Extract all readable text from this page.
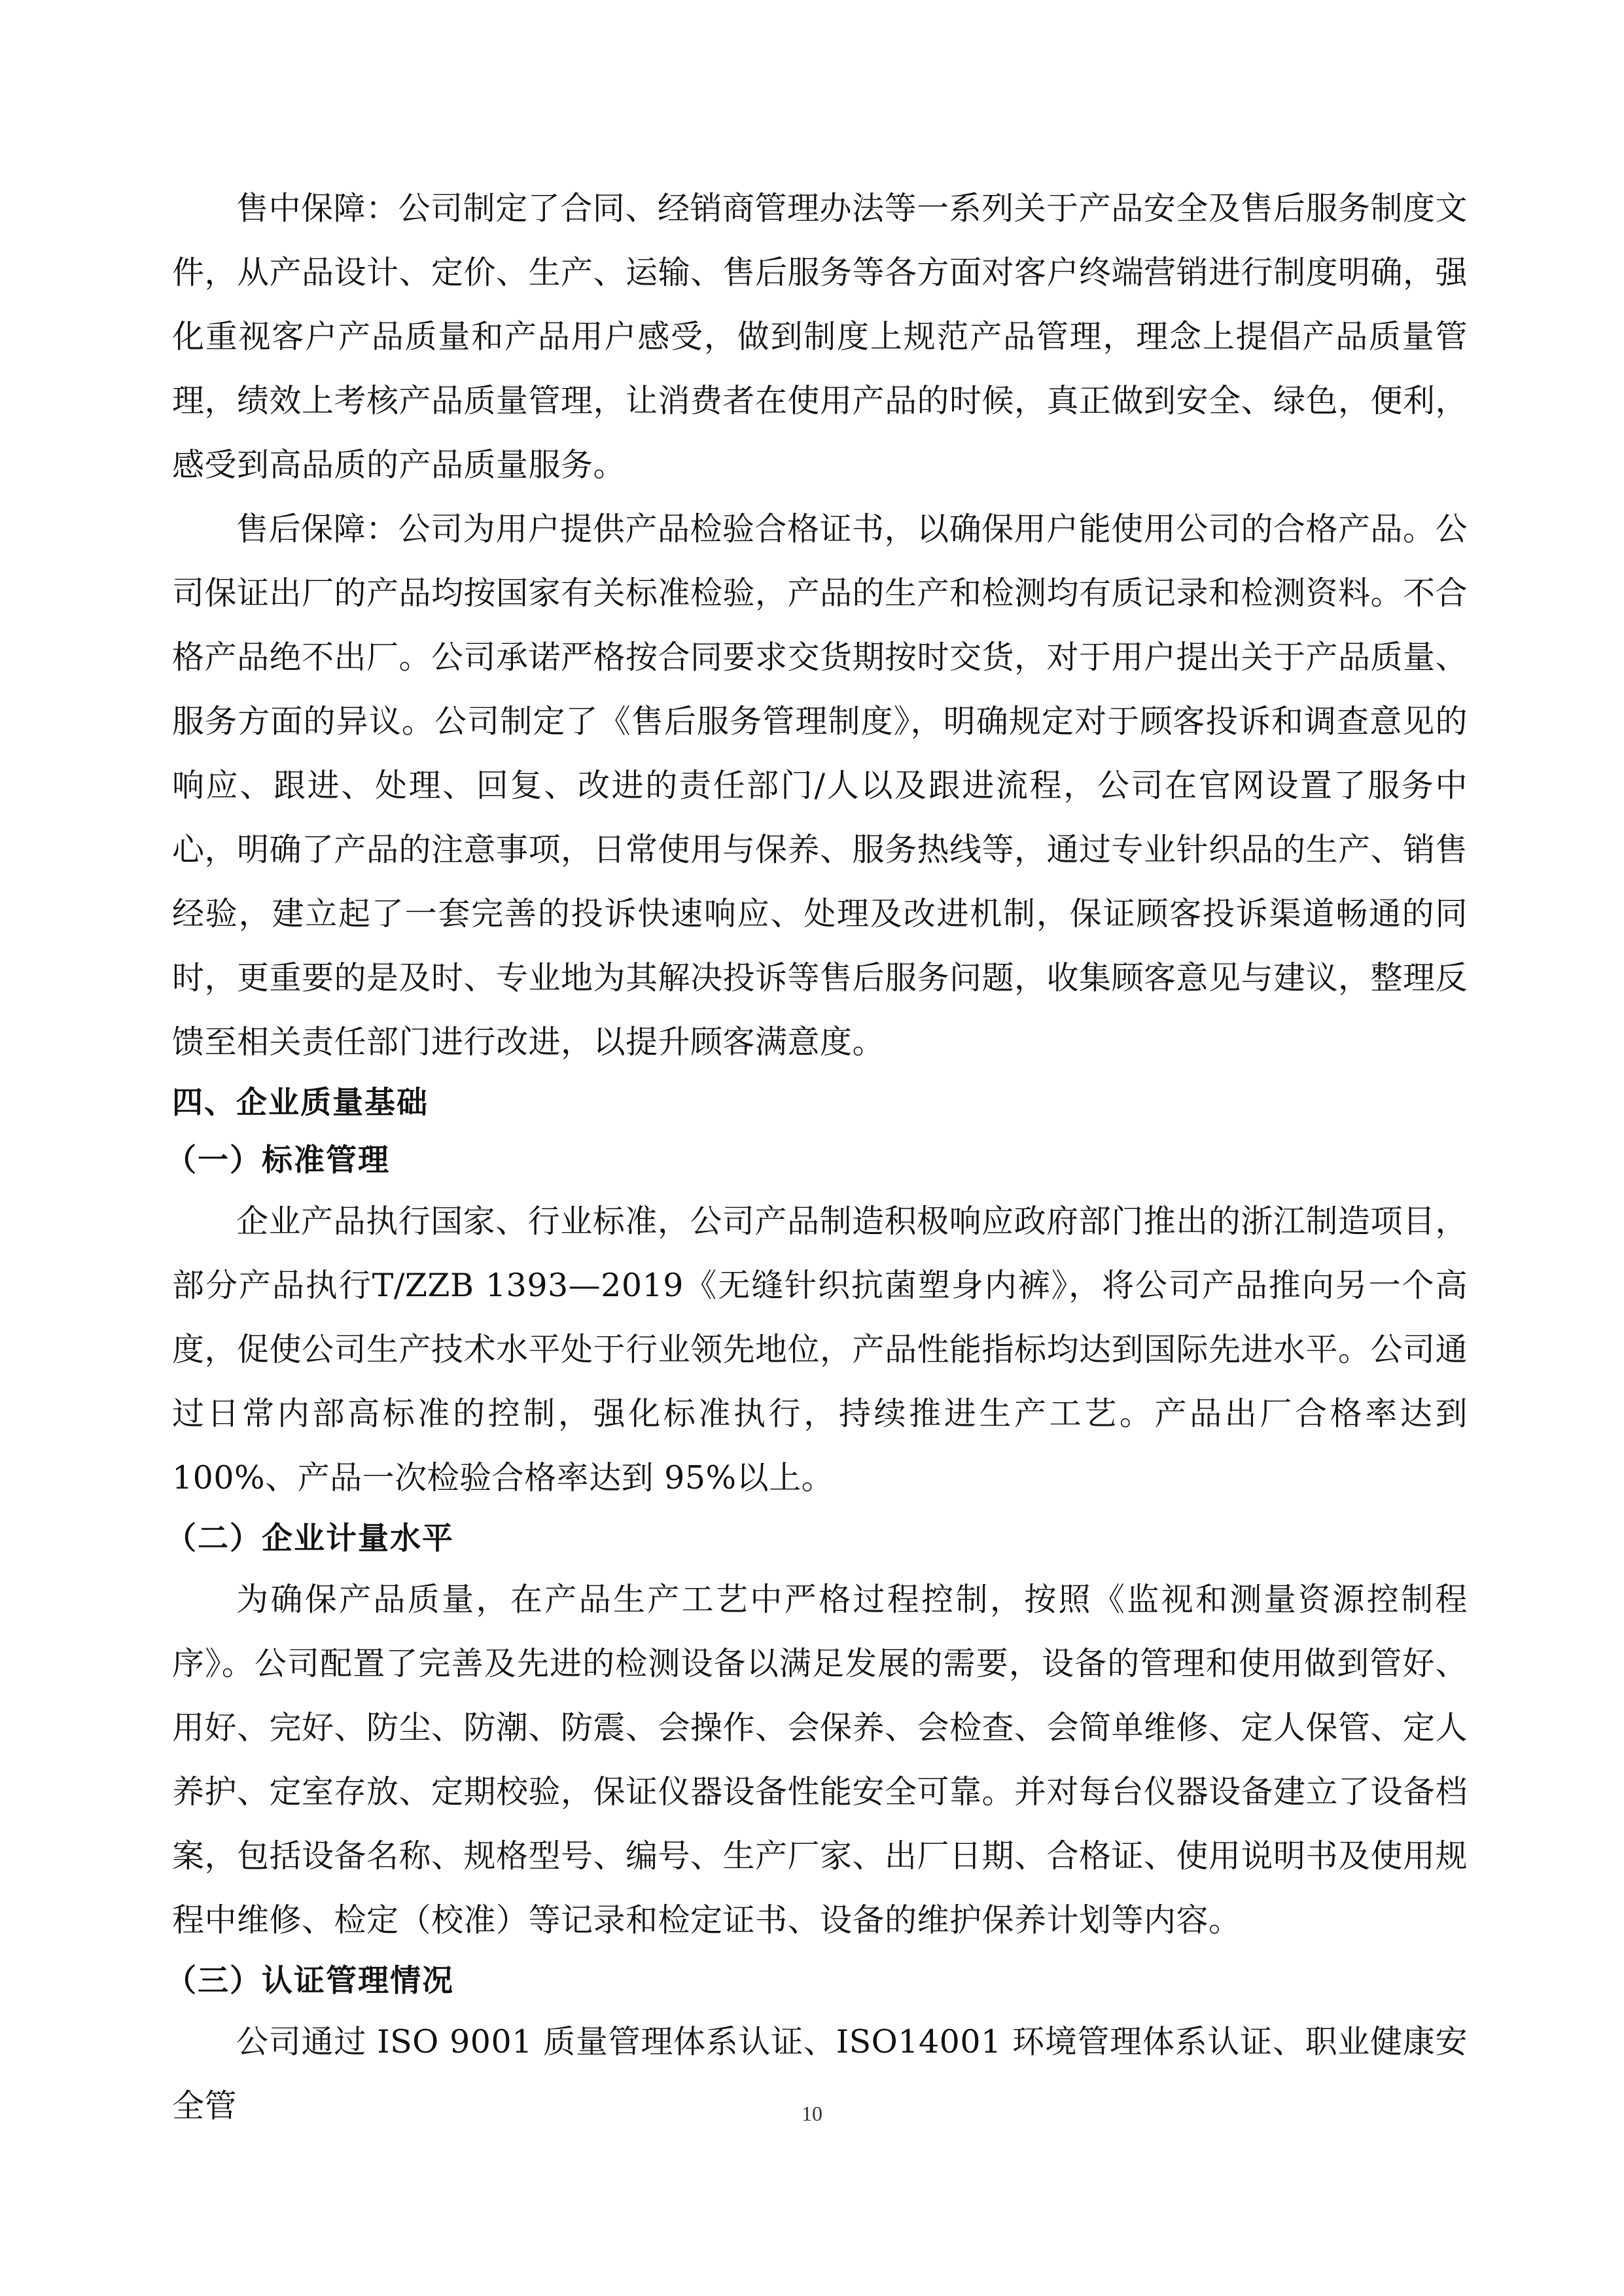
售中保障：公司制定了合同、经销商管理办法等一系列关于产品安全及售后服务制度文件，从产品设计、定价、生产、运输、售后服务等各方面对客户终端营销进行制度明确，强化重视客户产品质量和产品用户感受，做到制度上规范产品管理，理念上提倡产品质量管理，绩效上考核产品质量管理，让消费者在使用产品的时候，真正做到安全、绿色，便利，感受到高品质的产品质量服务。

售后保障：公司为用户提供产品检验合格证书，以确保用户能使用公司的合格产品。公司保证出厂的产品均按国家有关标准检验，产品的生产和检测均有质记录和检测资料。不合格产品绝不出厂。公司承诺严格按合同要求交货期按时交货，对于用户提出关于产品质量、服务方面的异议。公司制定了《售后服务管理制度》，明确规定对于顾客投诉和调查意见的响应、跟进、处理、回复、改进的责任部门/人以及跟进流程，公司在官网设置了服务中心，明确了产品的注意事项，日常使用与保养、服务热线等，通过专业针织品的生产、销售经验，建立起了一套完善的投诉快速响应、处理及改进机制，保证顾客投诉渠道畅通的同时，更重要的是及时、专业地为其解决投诉等售后服务问题，收集顾客意见与建议，整理反馈至相关责任部门进行改进，以提升顾客满意度。

四、企业质量基础
（一）标准管理

企业产品执行国家、行业标准，公司产品制造积极响应政府部门推出的浙江制造项目，部分产品执行T/ZZB 1393—2019《无缝针织抗菌塑身内裤》，将公司产品推向另一个高度，促使公司生产技术水平处于行业领先地位，产品性能指标均达到国际先进水平。公司通过日常内部高标准的控制，强化标准执行，持续推进生产工艺。产品出厂合格率达到100%、产品一次检验合格率达到 95%以上。

（二）企业计量水平

为确保产品质量，在产品生产工艺中严格过程控制，按照《监视和测量资源控制程序》。公司配置了完善及先进的检测设备以满足发展的需要，设备的管理和使用做到管好、用好、完好、防尘、防潮、防震、会操作、会保养、会检查、会简单维修、定人保管、定人养护、定室存放、定期校验，保证仪器设备性能安全可靠。并对每台仪器设备建立了设备档案，包括设备名称、规格型号、编号、生产厂家、出厂日期、合格证、使用说明书及使用规程中维修、检定（校准）等记录和检定证书、设备的维护保养计划等内容。

（三）认证管理情况

公司通过 ISO 9001 质量管理体系认证、ISO14001 环境管理体系认证、职业健康安全管	10
